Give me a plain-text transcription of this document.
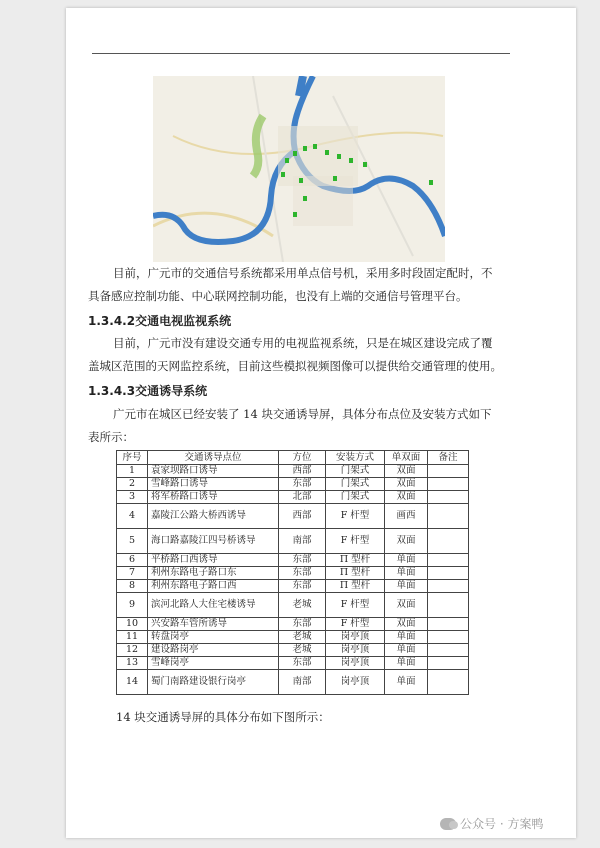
目前，广元市的交通信号系统都采用单点信号机，采用多时段固定配时，不

具备感应控制功能、中心联网控制功能，也没有上端的交通信号管理平台。

1.3.4.2交通电视监视系统

目前，广元市没有建设交通专用的电视监视系统，只是在城区建设完成了覆

盖城区范围的天网监控系统，目前这些模拟视频图像可以提供给交通管理的使用。

1.3.4.3交通诱导系统

广元市在城区已经安装了 14 块交通诱导屏，具体分布点位及安装方式如下

表所示：

序号	交通诱导点位	方位	安装方式	单双面	备注
1	袁家坝路口诱导	西部	门架式	双面	
2	雪峰路口诱导	东部	门架式	双面	
3	将军桥路口诱导	北部	门架式	双面	
4	嘉陵江公路大桥西诱导	西部	F 杆型	画西	
5	海口路嘉陵江四号桥诱导	南部	F 杆型	双面	
6	平桥路口西诱导	东部	Π 型杆	单面	
7	利州东路电子路口东	东部	Π 型杆	单面	
8	利州东路电子路口西	东部	Π 型杆	单面	
9	滨河北路人大住宅楼诱导	老城	F 杆型	双面	
10	兴安路车管所诱导	东部	F 杆型	双面	
11	转盘岗亭	老城	岗亭顶	单面	
12	建设路岗亭	老城	岗亭顶	单面	
13	雪峰岗亭	东部	岗亭顶	单面	
14	蜀门南路建设银行岗亭	南部	岗亭顶	单面	

14 块交通诱导屏的具体分布如下图所示：

公众号 · 方案鸭
